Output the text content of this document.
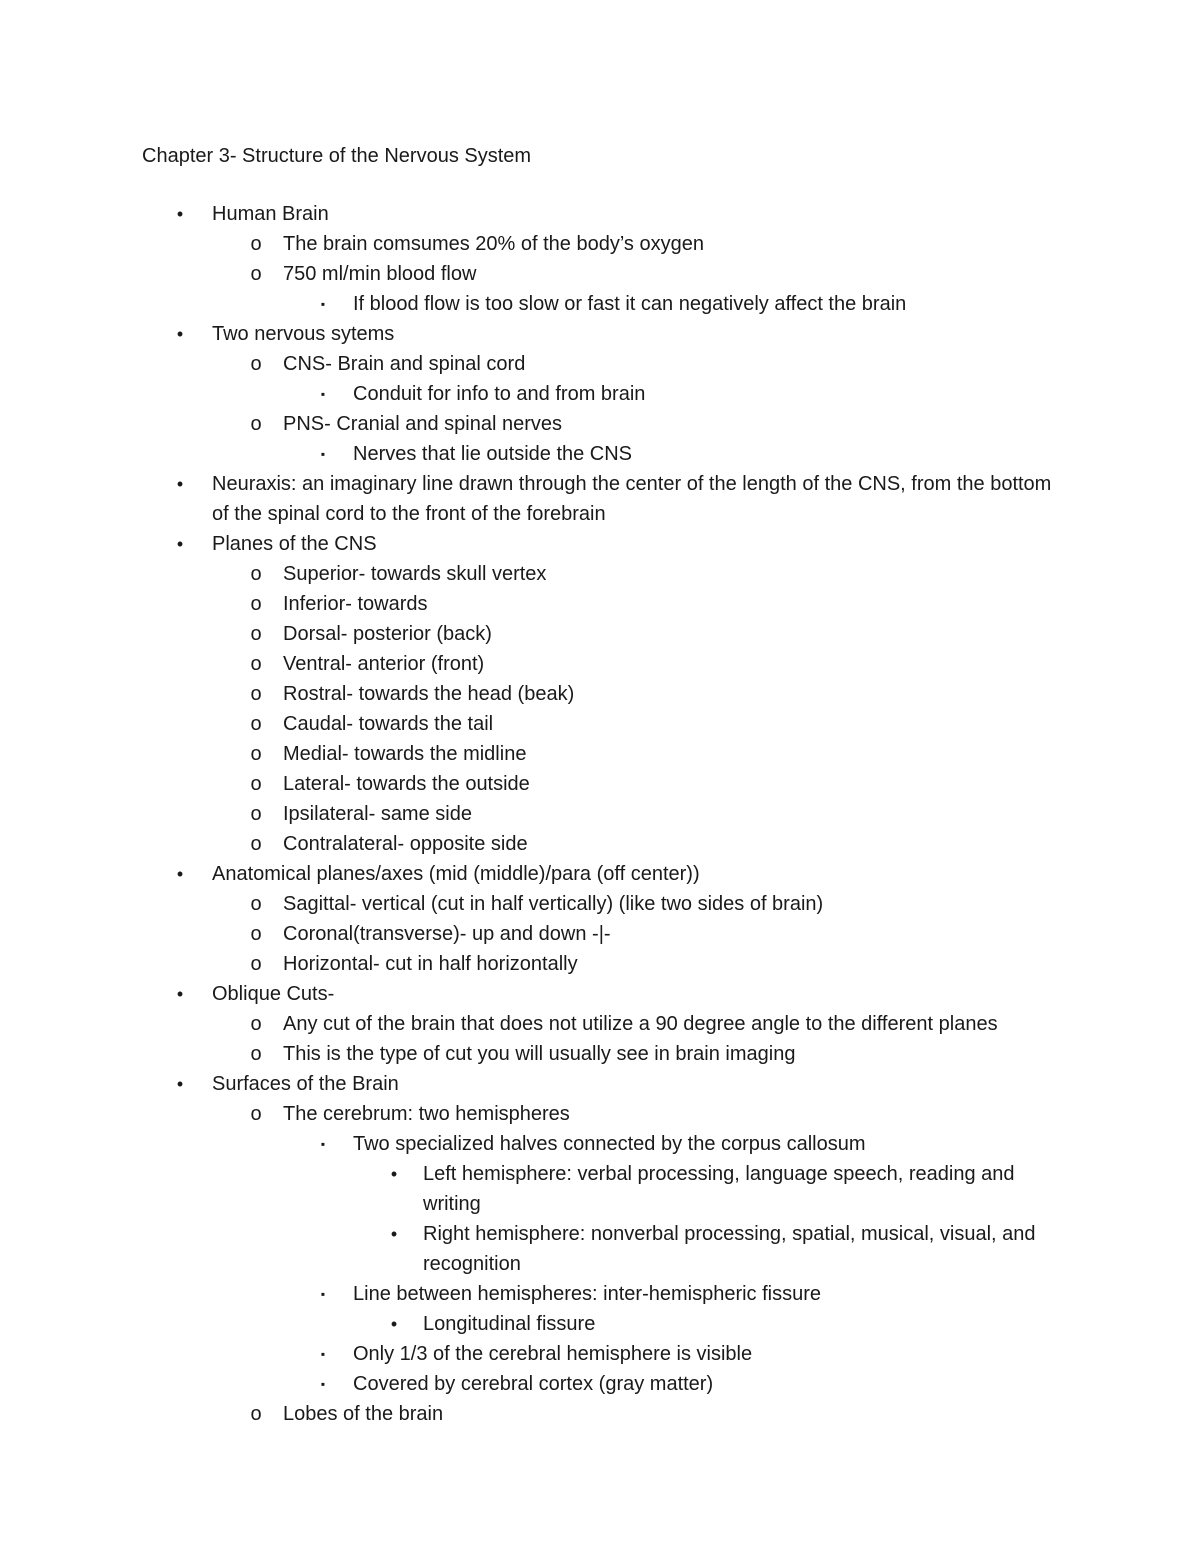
Chapter 3- Structure of the Nervous System
•	Human Brain
o	The brain comsumes 20% of the body’s oxygen
o	750 ml/min blood flow
▪	If blood flow is too slow or fast it can negatively affect the brain
•	Two nervous sytems
o	CNS- Brain and spinal cord
▪	Conduit for info to and from brain
o	PNS- Cranial and spinal nerves
▪	Nerves that lie outside the CNS
•	Neuraxis: an imaginary line drawn through the center of the length of the CNS, from the bottom of the spinal cord to the front of the forebrain
•	Planes of the CNS
o	Superior- towards skull vertex
o	Inferior- towards
o	Dorsal- posterior (back)
o	Ventral- anterior (front)
o	Rostral- towards the head (beak)
o	Caudal- towards the tail
o	Medial- towards the midline
o	Lateral- towards the outside
o	Ipsilateral- same side
o	Contralateral- opposite side
•	Anatomical planes/axes (mid (middle)/para (off center))
o	Sagittal- vertical (cut in half vertically) (like two sides of brain)
o	Coronal(transverse)- up and down -|-
o	Horizontal- cut in half horizontally
•	Oblique Cuts-
o	Any cut of the brain that does not utilize a 90 degree angle to the different planes
o	This is the type of cut you will usually see in brain imaging
•	Surfaces of the Brain
o	The cerebrum: two hemispheres
▪	Two specialized halves connected by the corpus callosum
•	Left hemisphere: verbal processing, language speech, reading and writing
•	Right hemisphere: nonverbal processing, spatial, musical, visual, and recognition
▪	Line between hemispheres: inter-hemispheric fissure
•	Longitudinal fissure
▪	Only 1/3 of the cerebral hemisphere is visible
▪	Covered by cerebral cortex (gray matter)
o	Lobes of the brain
